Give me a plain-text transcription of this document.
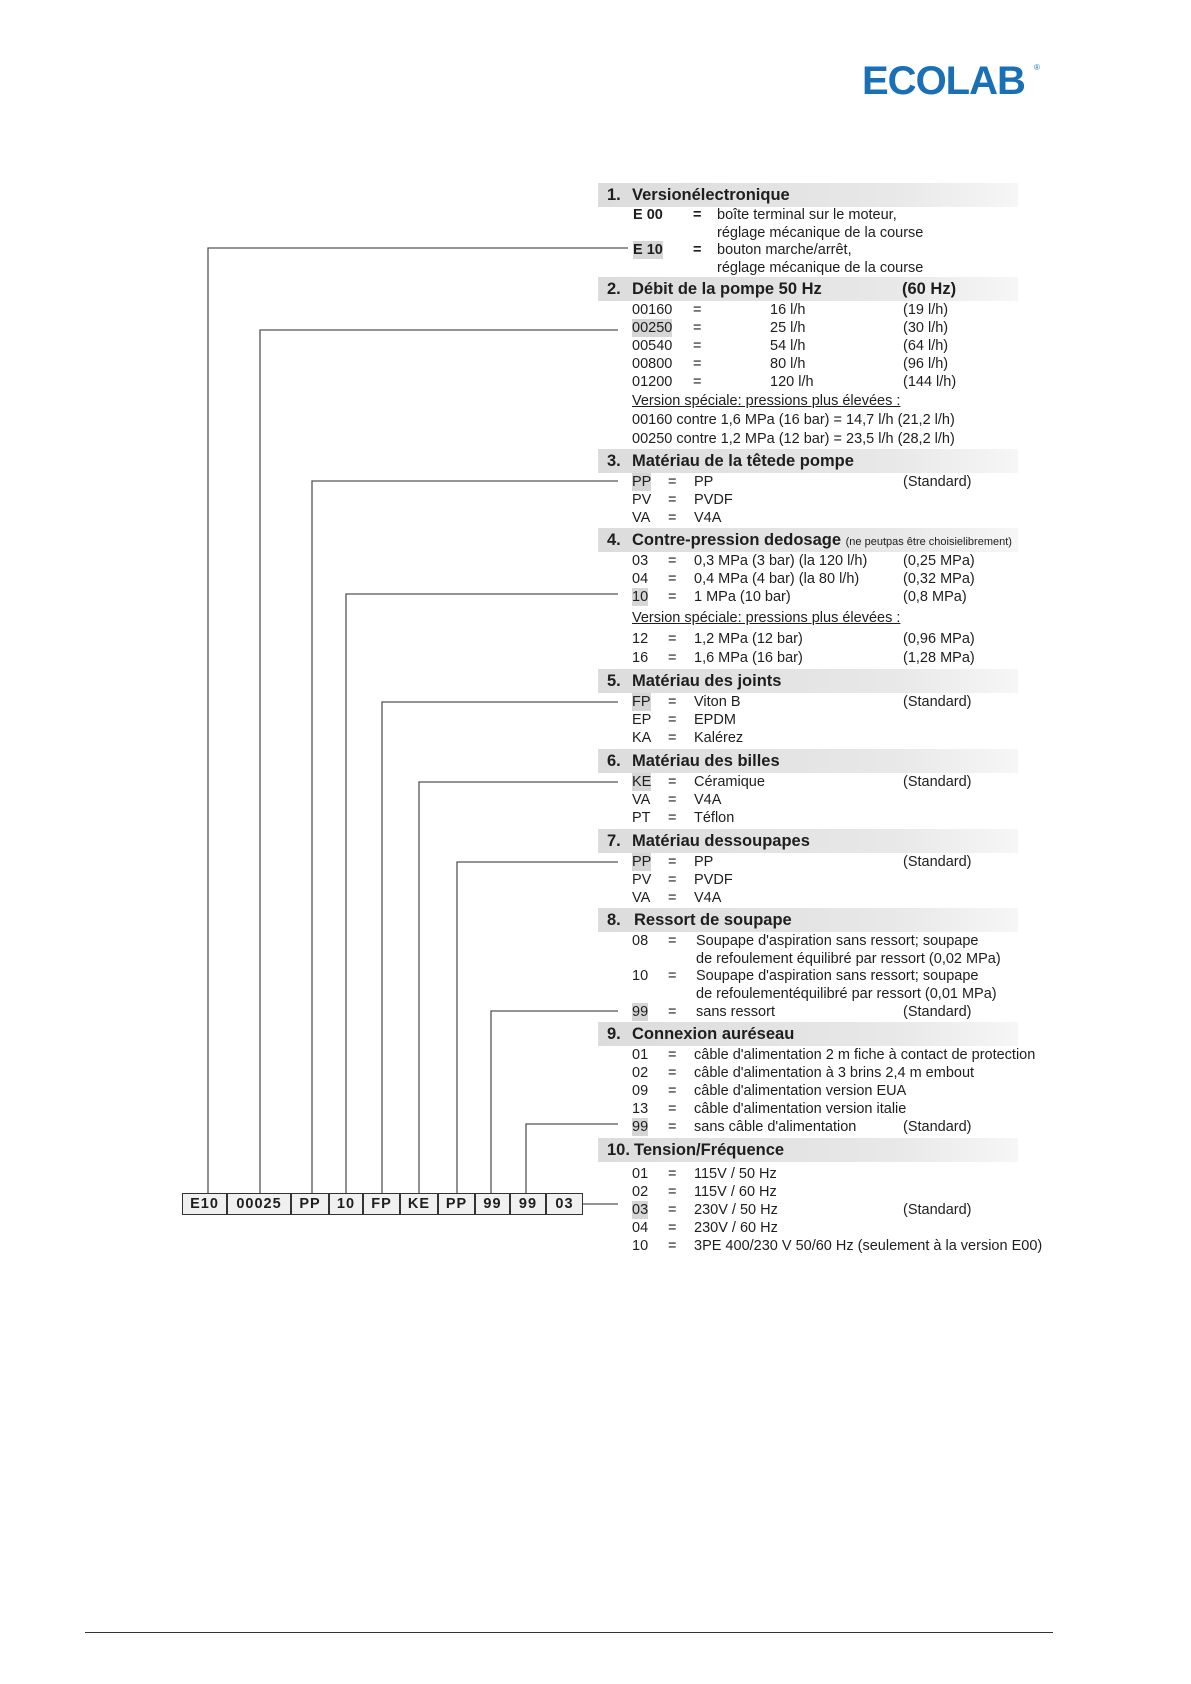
ECOLAB ®
1. Versionélectronique
E 00 = boîte terminal sur le moteur,
réglage mécanique de la course
E 10 = bouton marche/arrêt,
réglage mécanique de la course
2. Débit de la pompe 50 Hz	(60 Hz)
00160 =	16 l/h	(19 l/h)
00250 =	25 l/h	(30 l/h)
00540 =	54 l/h	(64 l/h)
00800 =	80 l/h	(96 l/h)
01200 =	120 l/h	(144 l/h)
Version spéciale: pressions plus élevées :
00160 contre 1,6 MPa (16 bar) = 14,7 l/h (21,2 l/h)
00250 contre 1,2 MPa (12 bar) = 23,5 l/h (28,2 l/h)
3. Matériau de la têtede pompe
PP = PP	(Standard)
PV = PVDF
VA = V4A
4. Contre-pression dedosage (ne peutpas être choisielibrement)
03 = 0,3 MPa (3 bar) (la 120 l/h) (0,25 MPa)
04 = 0,4 MPa (4 bar) (la 80 l/h)	(0,32 MPa)
10 = 1 MPa (10 bar)	(0,8 MPa)
Version spéciale: pressions plus élevées :
12 = 1,2 MPa (12 bar)	(0,96 MPa)
16 = 1,6 MPa (16 bar)	(1,28 MPa)
5. Matériau des joints
FP = Viton B	(Standard)
EP = EPDM
KA = Kalérez
6. Matériau des billes
KE = Céramique	(Standard)
VA = V4A
PT = Téflon
7. Matériau dessoupapes
PP = PP	(Standard)
PV = PVDF
VA = V4A
8. Ressort de soupape
08 = Soupape d'aspiration sans ressort; soupape
de refoulement équilibré par ressort (0,02 MPa)
10 = Soupape d'aspiration sans ressort; soupape
de refoulementéquilibré par ressort (0,01 MPa)
99 = sans ressort	(Standard)
9. Connexion auréseau
01 = câble d'alimentation 2 m fiche à contact de protection
02 = câble d'alimentation à 3 brins 2,4 m embout
09 = câble d'alimentation version EUA
13 = câble d'alimentation version italie
99 = sans câble d'alimentation	(Standard)
10. Tension/Fréquence
01 = 115V / 50 Hz
02 = 115V / 60 Hz
03 = 230V / 50 Hz	(Standard)
04 = 230V / 60 Hz
10 = 3PE 400/230 V 50/60 Hz (seulement à la version E00)
E10	00025	PP	10	FP	KE	PP	99	99	03
